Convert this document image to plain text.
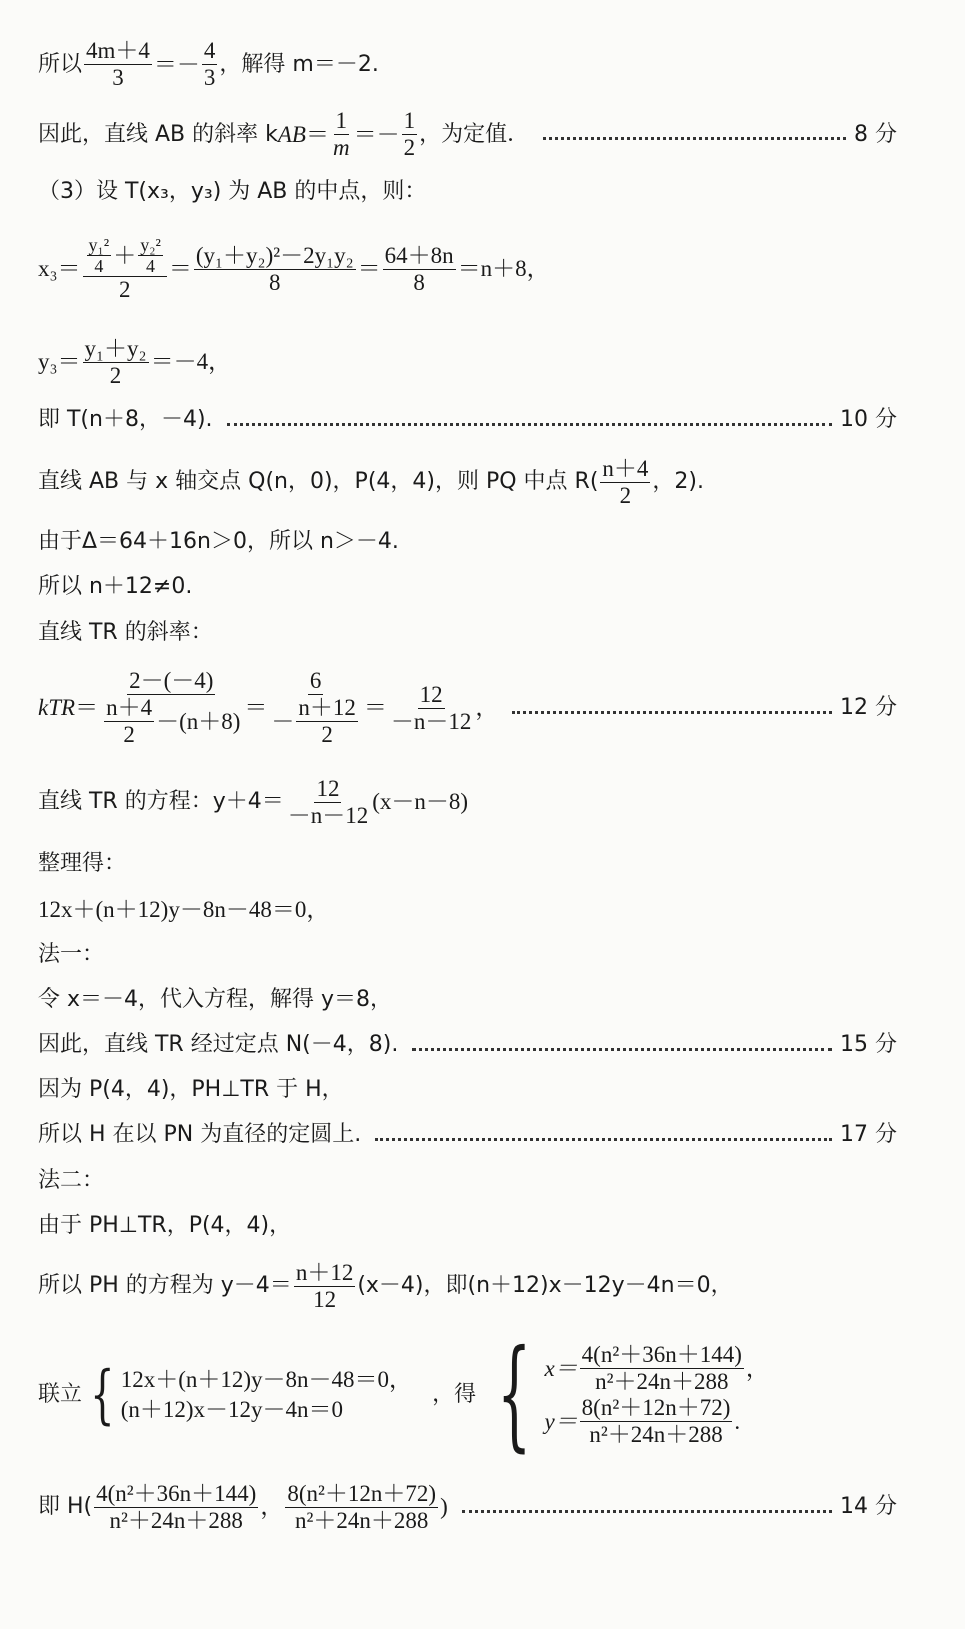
所以 $\frac{4m+4}{3} =- \frac{4}{3}$ ，解得 m＝－2.
因此，直线 AB 的斜率 k AB ＝ $\frac{1}{m} =- \frac{1}{2}$ ，为定值．	8 分
（3）设 T(x₃，y₃) 为 AB 的中点，则：
$x_3= \frac{\frac{\text{y₁²}}{4} + \frac{\text{y₂²}}{4}}{2} = \frac{\text{(y₁＋y₂)²－2y₁y₂}}{8} = \frac{64+8n}{8} =n+8$，
$y_3= \frac{\text{y₁＋y₂}}{2} =-4$，
即 T(n＋8，－4).	10 分
直线 AB 与 x 轴交点 Q(n，0)，P(4，4)，则 PQ 中点 $R( \frac{n+4}{2}$ ，2).
由于Δ＝64＋16n＞0，所以 n＞－4.
所以 n＋12≠0.
直线 TR 的斜率：
k TR ＝ $\frac{2-(-4)}{\frac{n+4}{2} -(n+8)} = \frac{6}{- \frac{n+12}{2}} = \frac{12}{-n-12}$ ，	12 分
直线 TR 的方程：$y+4= \frac{12}{-n-12} (x-n-8)$
整理得：
12x＋(n＋12)y－8n－48＝0，
法一：
令 x＝－4，代入方程，解得 y＝8，
因此，直线 TR 经过定点 N(－4，8).	15 分
因为 P(4，4)，PH⊥TR 于 H，
所以 H 在以 PN 为直径的定圆上.	17 分
法二：
由于 PH⊥TR，P(4，4)，
所以 PH 的方程为 $y-4= \frac{n+12}{12} (x-4)$，即(n＋12)x－12y－4n＝0，
联立 { 12x＋(n＋12)y－8n－48＝0，
(n＋12)x－12y－4n＝0
，得 { $x= \frac{\text{4(n²＋36n＋144)}}{\text{n²＋24n＋288}}$ ，
$y= \frac{\text{8(n²＋12n＋72)}}{\text{n²＋24n＋288}}$ .
即 $H( \frac{\text{4(n²＋36n＋144)}}{\text{n²＋24n＋288}}$ ， $\frac{\text{8(n²＋12n＋72)}}{\text{n²＋24n＋288}}$ )	14 分
